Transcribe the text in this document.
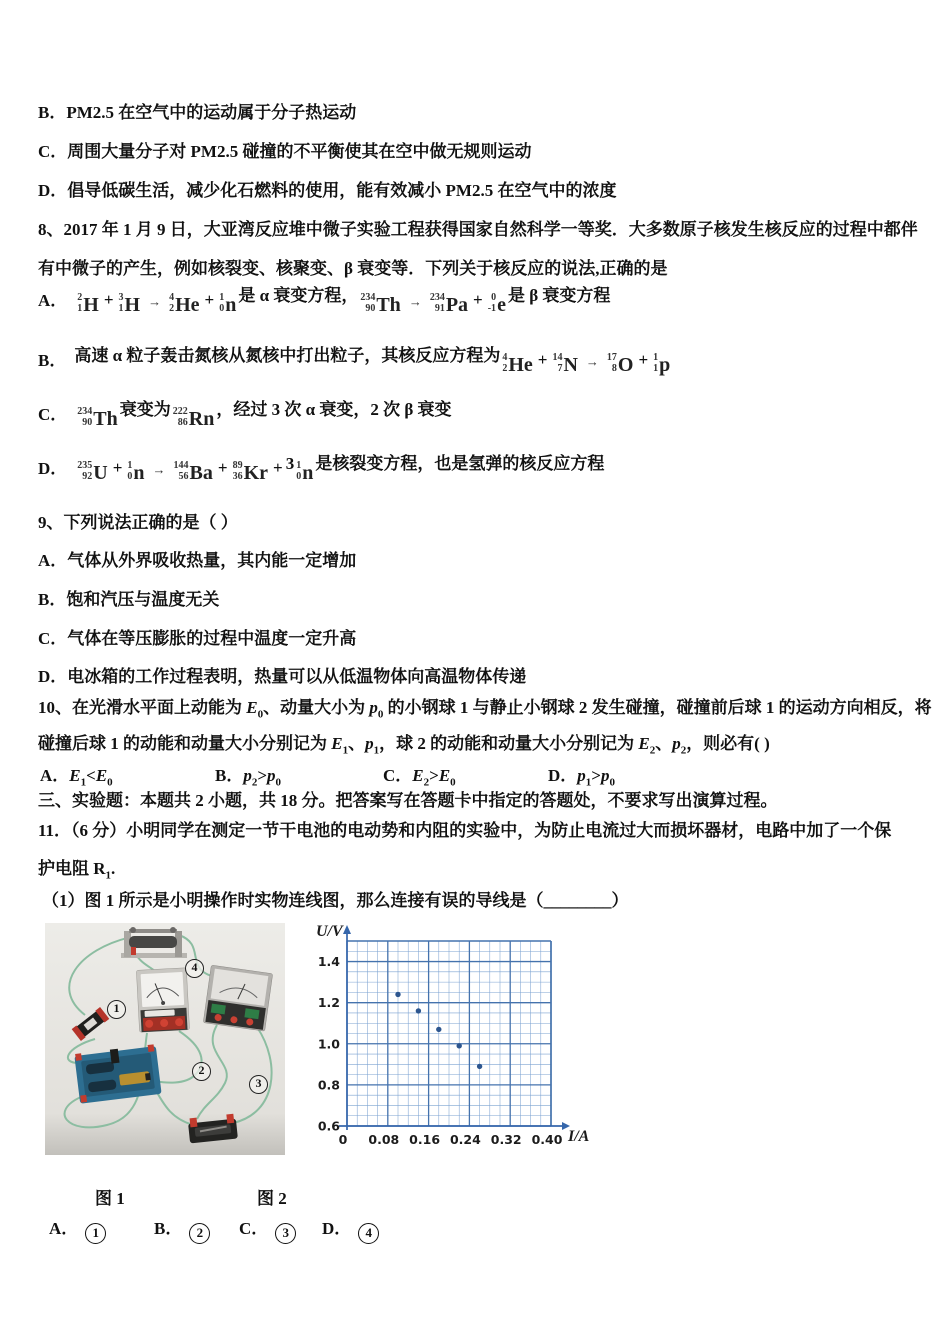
B．PM2.5 在空气中的运动属于分子热运动
C．周围大量分子对 PM2.5 碰撞的不平衡使其在空中做无规则运动
D．倡导低碳生活，减少化石燃料的使用，能有效减小 PM2.5 在空气中的浓度
8、2017 年 1 月 9 日，大亚湾反应堆中微子实验工程获得国家自然科学一等奖．大多数原子核发生核反应的过程中都伴
有中微子的产生，例如核裂变、核聚变、β 衰变等．下列关于核反应的说法,正确的是
A． 2
1 H + 3
1 H $_\to$ 4
2 He + 1
0 n 是 α 衰变方程， 234
90 Th $_\to$ 234
91 Pa + 0
-1 e 是 β 衰变方程
B． 高速 α 粒子轰击氮核从氮核中打出粒子，其核反应方程为 4
2 He + 14
7 N $_\to$ 17
8 O + 1
1 p
C． 234
90 Th 衰变为 222
86 Rn ，经过 3 次 α 衰变，2 次 β 衰变
D． 235
92 U + 1
0 n $_\to$ 144
56 Ba + 89
36 Kr + 3 1
0 n 是核裂变方程，也是氢弹的核反应方程
9、下列说法正确的是（ ）
A．气体从外界吸收热量，其内能一定增加
B．饱和汽压与温度无关
C．气体在等压膨胀的过程中温度一定升高
D．电冰箱的工作过程表明，热量可以从低温物体向高温物体传递
10、在光滑水平面上动能为 $E_0$、动量大小为 $p_0$ 的小钢球 1 与静止小钢球 2 发生碰撞，碰撞前后球 1 的运动方向相反，将
碰撞后球 1 的动能和动量大小分别记为 $E_1$、$p_1$，球 2 的动能和动量大小分别记为 $E_2$、$p_2$，则必有( )
A．$E_1<E_0$	B．$p_2>p_0$	C．$E_2>E_0$	D．$p_1>p_0$
三、实验题：本题共 2 小题，共 18 分。把答案写在答题卡中指定的答题处，不要求写出演算过程。
11．（6 分）小明同学在测定一节干电池的电动势和内阻的实验中，为防止电流过大而损坏器材，电路中加了一个保
护电阻 $R_1$.
（1）图 1 所示是小明操作时实物连线图，那么连接有误的导线是（________）
1
2
3
4
0 0.08 0.16 0.24 0.32 0.40
0.6
0.8
1.0
1.2
1.4
U/V
I/A
图 1	图 2
A． 1	B． 2	C． 3	D． 4
